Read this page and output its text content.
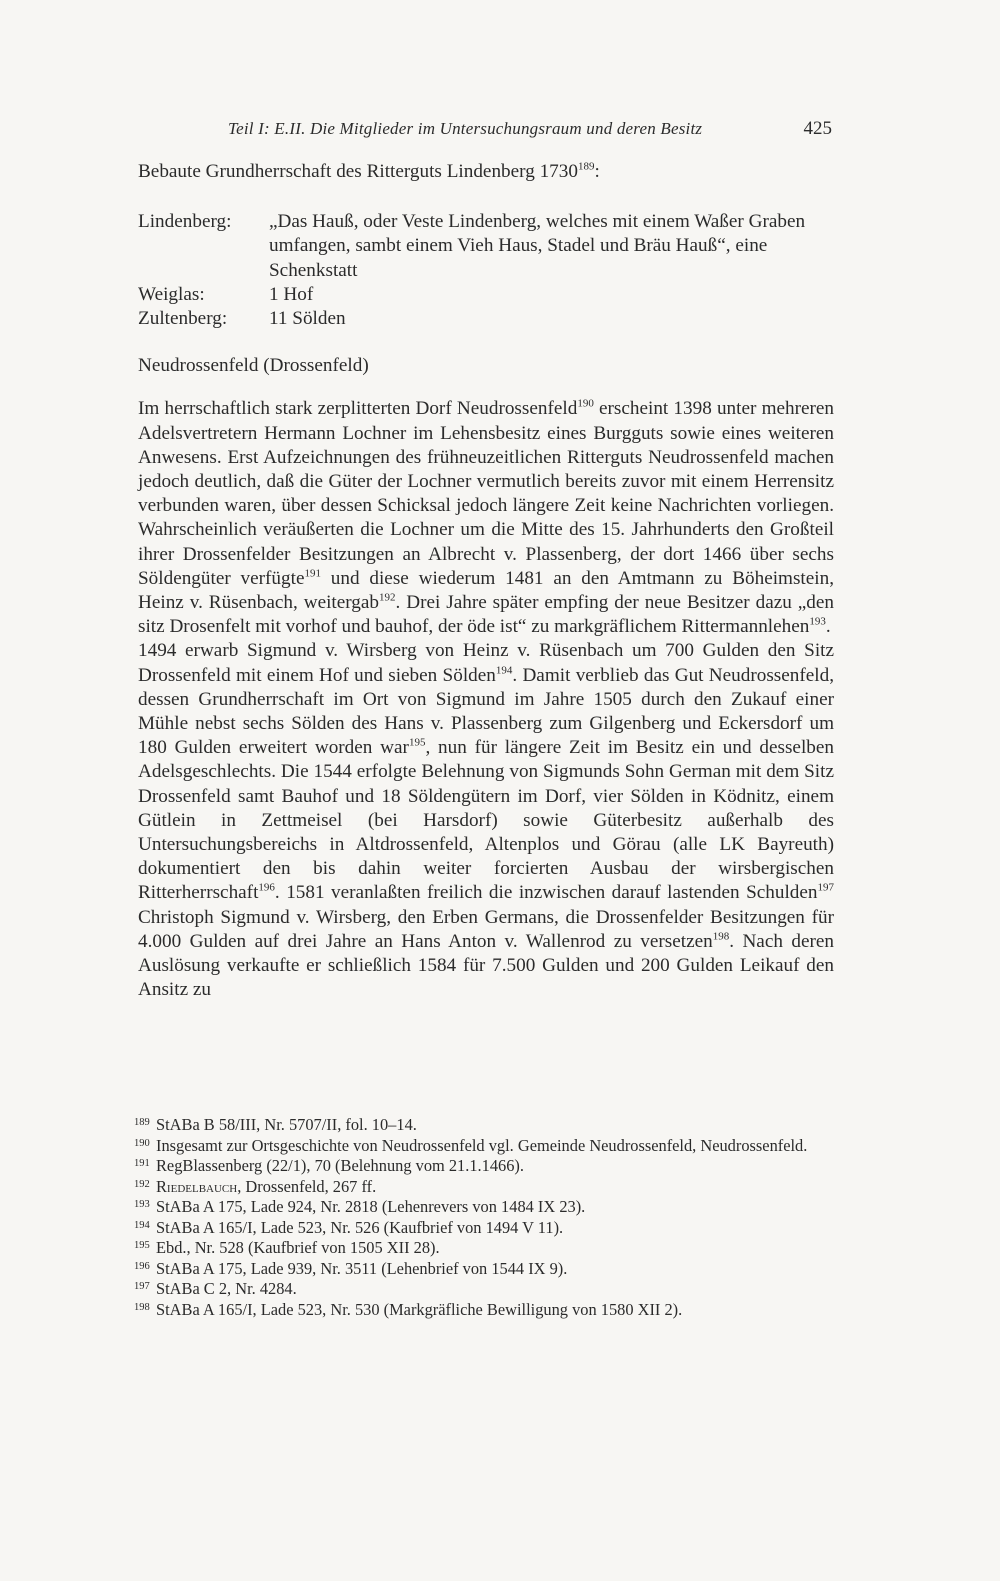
Teil I: E.II. Die Mitglieder im Untersuchungsraum und deren Besitz	425
Bebaute Grundherrschaft des Ritterguts Lindenberg 1730$^{189}$:
Lindenberg:	„Das Hauß, oder Veste Lindenberg, welches mit einem Waßer Graben umfangen, sambt einem Vieh Haus, Stadel und Bräu Hauß“, eine Schenkstatt
Weiglas:	1 Hof
Zultenberg:	11 Sölden
Neudrossenfeld (Drossenfeld)

Im herrschaftlich stark zerplitterten Dorf Neudrossenfeld$^{190}$ erscheint 1398 unter mehreren Adelsvertretern Hermann Lochner im Lehensbesitz eines Burgguts sowie eines weiteren Anwesens. Erst Aufzeichnungen des frühneuzeitlichen Ritterguts Neudrossenfeld machen jedoch deutlich, daß die Güter der Lochner vermutlich bereits zuvor mit einem Herrensitz verbunden waren, über dessen Schicksal jedoch längere Zeit keine Nachrichten vorliegen. Wahrscheinlich veräußerten die Lochner um die Mitte des 15. Jahrhunderts den Großteil ihrer Drossenfelder Besitzungen an Albrecht v. Plassenberg, der dort 1466 über sechs Söldengüter verfügte$^{191}$ und diese wiederum 1481 an den Amtmann zu Böheimstein, Heinz v. Rüsenbach, weitergab$^{192}$. Drei Jahre später empfing der neue Besitzer dazu „den sitz Drosenfelt mit vorhof und bauhof, der öde ist“ zu markgräflichem Rittermannlehen$^{193}$.

1494 erwarb Sigmund v. Wirsberg von Heinz v. Rüsenbach um 700 Gulden den Sitz Drossenfeld mit einem Hof und sieben Sölden$^{194}$. Damit verblieb das Gut Neudrossenfeld, dessen Grundherrschaft im Ort von Sigmund im Jahre 1505 durch den Zukauf einer Mühle nebst sechs Sölden des Hans v. Plassenberg zum Gilgenberg und Eckersdorf um 180 Gulden erweitert worden war$^{195}$, nun für längere Zeit im Besitz ein und desselben Adelsgeschlechts. Die 1544 erfolgte Belehnung von Sigmunds Sohn German mit dem Sitz Drossenfeld samt Bauhof und 18 Söldengütern im Dorf, vier Sölden in Ködnitz, einem Gütlein in Zettmeisel (bei Harsdorf) sowie Güterbesitz außerhalb des Untersuchungsbereichs in Altdrossenfeld, Altenplos und Görau (alle LK Bayreuth) dokumentiert den bis dahin weiter forcierten Ausbau der wirsbergischen Ritterherrschaft$^{196}$. 1581 veranlaßten freilich die inzwischen darauf lastenden Schulden$^{197}$ Christoph Sigmund v. Wirsberg, den Erben Germans, die Drossenfelder Besitzungen für 4.000 Gulden auf drei Jahre an Hans Anton v. Wallenrod zu versetzen$^{198}$. Nach deren Auslösung verkaufte er schließlich 1584 für 7.500 Gulden und 200 Gulden Leikauf den Ansitz zu

189 StABa B 58/III, Nr. 5707/II, fol. 10–14.
190 Insgesamt zur Ortsgeschichte von Neudrossenfeld vgl. Gemeinde Neudrossenfeld, Neudrossenfeld.
191 RegBlassenberg (22/1), 70 (Belehnung vom 21.1.1466).
192 Riedelbauch, Drossenfeld, 267 ff.
193 StABa A 175, Lade 924, Nr. 2818 (Lehenrevers von 1484 IX 23).
194 StABa A 165/I, Lade 523, Nr. 526 (Kaufbrief von 1494 V 11).
195 Ebd., Nr. 528 (Kaufbrief von 1505 XII 28).
196 StABa A 175, Lade 939, Nr. 3511 (Lehenbrief von 1544 IX 9).
197 StABa C 2, Nr. 4284.
198 StABa A 165/I, Lade 523, Nr. 530 (Markgräfliche Bewilligung von 1580 XII 2).
